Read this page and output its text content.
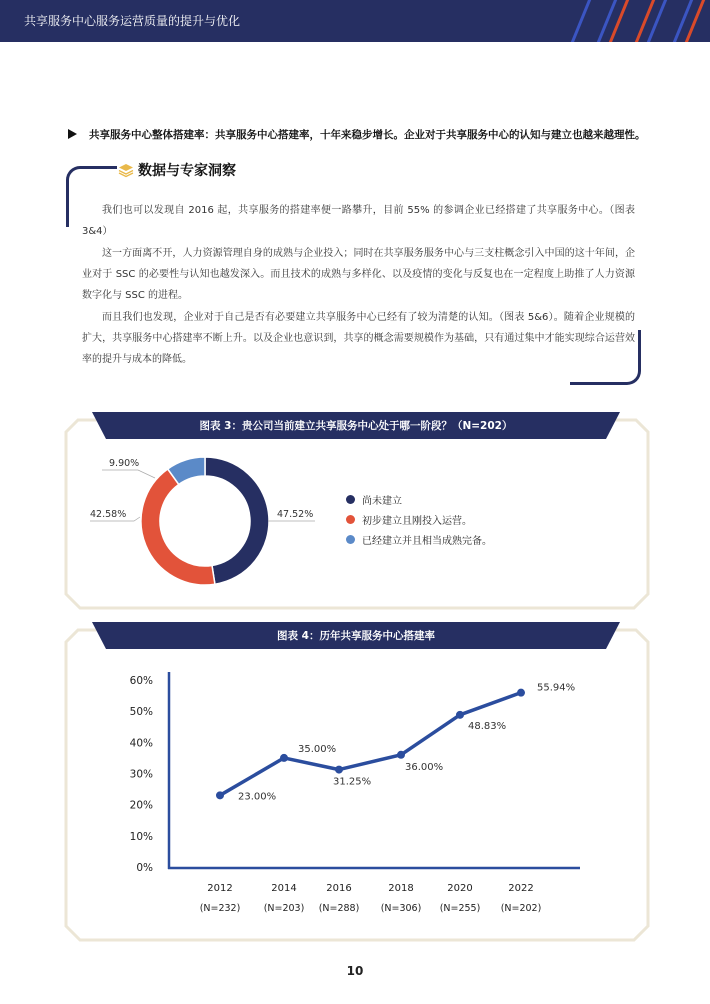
共享服务中心服务运营质量的提升与优化
共享服务中心整体搭建率：共享服务中心搭建率，十年来稳步增长。企业对于共享服务中心的认知与建立也越来越理性。
数据与专家洞察

我们也可以发现自 2016 起，共享服务的搭建率便一路攀升，目前 55% 的参调企业已经搭建了共享服务中心。（图表 3&4）

这一方面离不开，人力资源管理自身的成熟与企业投入；同时在共享服务服务中心与三支柱概念引入中国的这十年间，企业对于 SSC 的必要性与认知也越发深入。而且技术的成熟与多样化、以及疫情的变化与反复也在一定程度上助推了人力资源数字化与 SSC 的进程。

而且我们也发现，企业对于自己是否有必要建立共享服务中心已经有了较为清楚的认知。（图表 5&6）。随着企业规模的扩大，共享服务中心搭建率不断上升。以及企业也意识到，共享的概念需要规模作为基础，只有通过集中才能实现综合运营效率的提升与成本的降低。

图表 3：贵公司当前建立共享服务中心处于哪一阶段？（N=202）
9.90%
42.58%	47.52%
尚未建立
初步建立且刚投入运营。
已经建立并且相当成熟完备。
图表 4：历年共享服务中心搭建率
0%
10%
20%
30%
40%
50%
60%
2012
(N=232)
2014
(N=203)
2016
(N=288)
2018
(N=306)
2020
(N=255)
2022
(N=202)
23.00%
35.00%
31.25%
36.00%
48.83%
55.94%
10
